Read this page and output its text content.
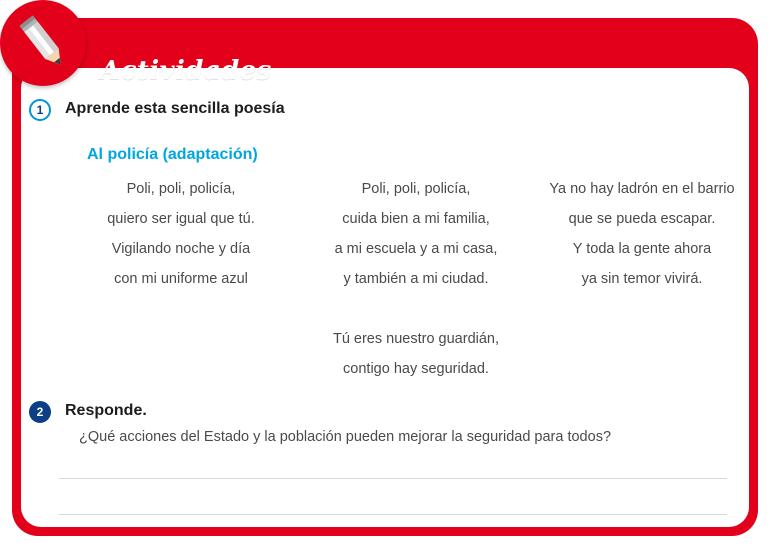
Actividades
1	Aprende esta sencilla poesía
Al policía (adaptación)
Poli, poli, policía,
quiero ser igual que tú.
Vigilando noche y día
con mi uniforme azul
Poli, poli, policía,
cuida bien a mi familia,
a mi escuela y a mi casa,
y también a mi ciudad.
Tú eres nuestro guardián,
contigo hay seguridad.
Ya no hay ladrón en el barrio
que se pueda escapar.
Y toda la gente ahora
ya sin temor vivirá.
2	Responde.
¿Qué acciones del Estado y la población pueden mejorar la seguridad para todos?
